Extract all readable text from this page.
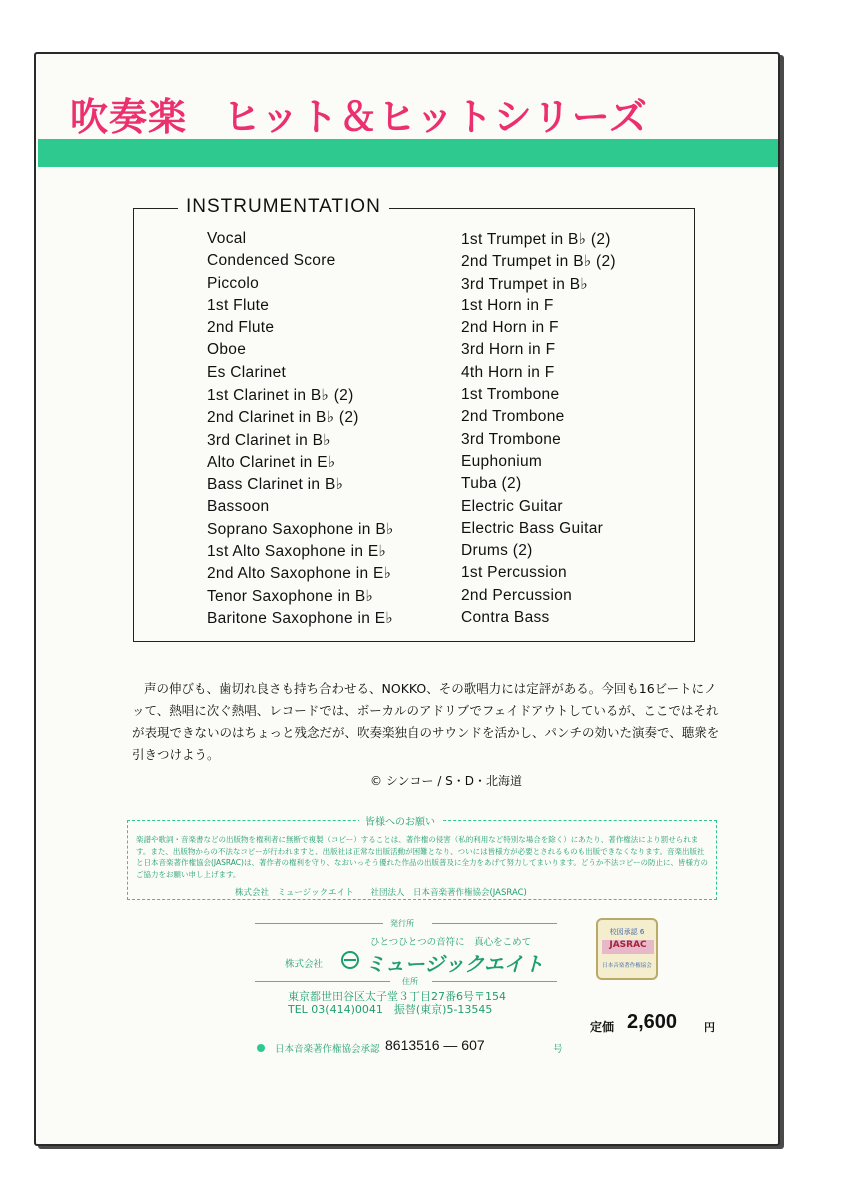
吹奏楽 ヒット＆ヒットシリーズ
INSTRUMENTATION
Vocal
Condenced Score
Piccolo
1st Flute
2nd Flute
Oboe
Es Clarinet
1st Clarinet in B♭ (2)
2nd Clarinet in B♭ (2)
3rd Clarinet in B♭
Alto Clarinet in E♭
Bass Clarinet in B♭
Bassoon
Soprano Saxophone in B♭
1st Alto Saxophone in E♭
2nd Alto Saxophone in E♭
Tenor Saxophone in B♭
Baritone Saxophone in E♭
1st Trumpet in B♭ (2)
2nd Trumpet in B♭ (2)
3rd Trumpet in B♭
1st Horn in F
2nd Horn in F
3rd Horn in F
4th Horn in F
1st Trombone
2nd Trombone
3rd Trombone
Euphonium
Tuba (2)
Electric Guitar
Electric Bass Guitar
Drums (2)
1st Percussion
2nd Percussion
Contra Bass

声の伸びも、歯切れ良さも持ち合わせる、NOKKO、その歌唱力には定評がある。今回も16ビートにノッて、熱唱に次ぐ熱唱、レコードでは、ボーカルのアドリブでフェイドアウトしているが、ここではそれが表現できないのはちょっと残念だが、吹奏楽独自のサウンドを活かし、パンチの効いた演奏で、聴衆を引きつけよう。

© シンコー / S・D・北海道
皆様へのお願い

楽譜や歌詞・音楽書などの出版物を権利者に無断で複製（コピー）することは、著作権の侵害（私的利用など特別な場合を除く）にあたり、著作権法により罰せられます。また、出版物からの不法なコピーが行われますと、出版社は正常な出版活動が困難となり、ついには皆様方が必要とされるものも出版できなくなります。音楽出版社と日本音楽著作権協会(JASRAC)は、著作者の権利を守り、なおいっそう優れた作品の出版普及に全力をあげて努力してまいります。どうか不法コピーの防止に、皆様方のご協力をお願い申し上げます。

株式会社　ミュージックエイト　　社団法人　日本音楽著作権協会(JASRAC)
発行所
ひとつひとつの音符に　真心をこめて
株式会社 ミュージックエイト
住所
東京都世田谷区太子堂３丁目27番6号〒154
TEL 03(414)0041　振替(東京)5-13545
校図承認 6
JASRAC
日本音楽著作権協会
定価 2,600 円
日本音楽著作権協会承認 8613516 — 607	号
